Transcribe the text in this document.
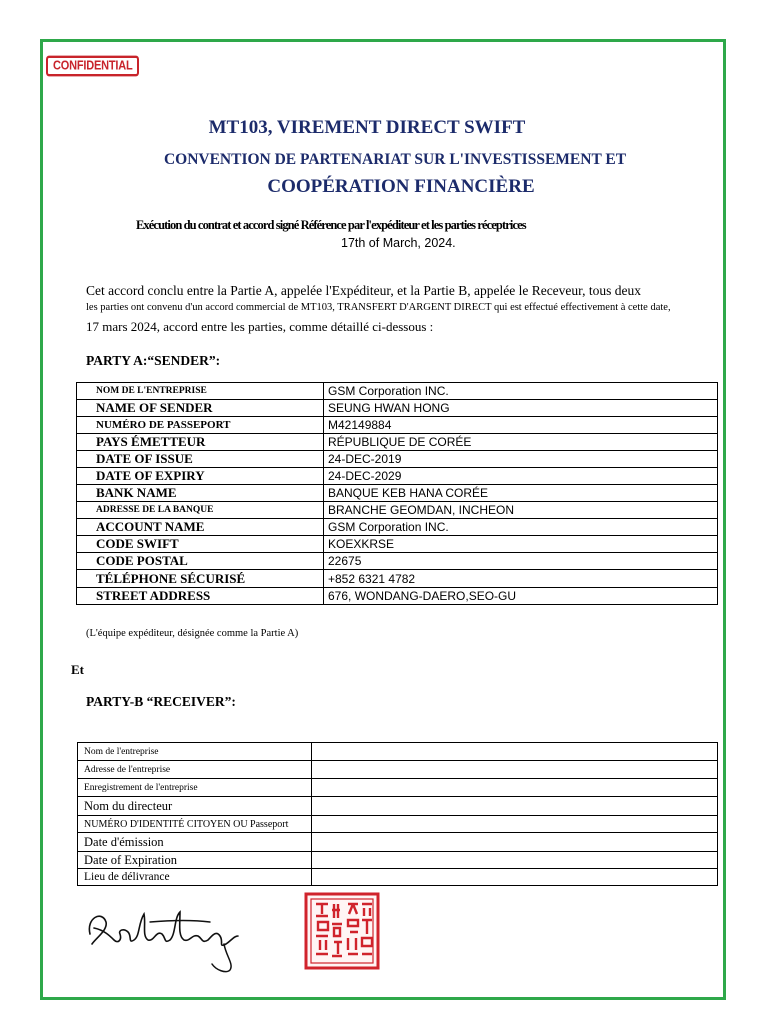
CONFIDENTIAL
MT103, VIREMENT DIRECT SWIFT
CONVENTION DE PARTENARIAT SUR L'INVESTISSEMENT ET
COOPÉRATION FINANCIÈRE
Exécution du contrat et accord signé Référence par l'expéditeur et les parties réceptrices
17th of March, 2024.
Cet accord conclu entre la Partie A, appelée l'Expéditeur, et la Partie B, appelée le Receveur, tous deux
les parties ont convenu d'un accord commercial de MT103, TRANSFERT D'ARGENT DIRECT qui est effectué effectivement à cette date,
17 mars 2024, accord entre les parties, comme détaillé ci-dessous :
PARTY A:“SENDER”:
NOM DE L'ENTREPRISE	GSM Corporation INC.
NAME OF SENDER	SEUNG HWAN HONG
NUMÉRO DE PASSEPORT	M42149884
PAYS ÉMETTEUR	RÉPUBLIQUE DE CORÉE
DATE OF ISSUE	24-DEC-2019
DATE OF EXPIRY	24-DEC-2029
BANK NAME	BANQUE KEB HANA CORÉE
ADRESSE DE LA BANQUE	BRANCHE GEOMDAN, INCHEON
ACCOUNT NAME	GSM Corporation INC.
CODE SWIFT	KOEXKRSE
CODE POSTAL	22675
TÉLÉPHONE SÉCURISÉ	+852 6321 4782
STREET ADDRESS	676, WONDANG-DAERO,SEO-GU
(L'équipe expéditeur, désignée comme la Partie A)
Et
PARTY-B “RECEIVER”:
Nom de l'entreprise	
Adresse de l'entreprise	
Enregistrement de l'entreprise	
Nom du directeur	
NUMÉRO D'IDENTITÉ CITOYEN OU Passeport	
Date d'émission	
Date of Expiration	
Lieu de délivrance	
